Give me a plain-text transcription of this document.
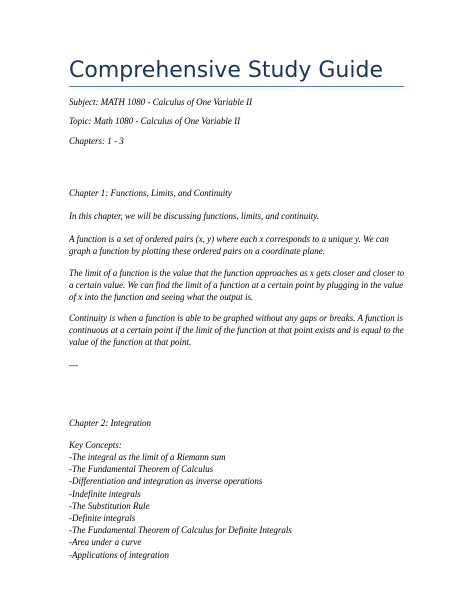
Comprehensive Study Guide

Subject: MATH 1080 - Calculus of One Variable II

Topic: Math 1080 - Calculus of One Variable II

Chapters: 1 - 3

Chapter 1: Functions, Limits, and Continuity

In this chapter, we will be discussing functions, limits, and continuity.

A function is a set of ordered pairs (x, y) where each x corresponds to a unique y. We can graph a function by plotting these ordered pairs on a coordinate plane.

The limit of a function is the value that the function approaches as x gets closer and closer to a certain value. We can find the limit of a function at a certain point by plugging in the value of x into the function and seeing what the output is.

Continuity is when a function is able to be graphed without any gaps or breaks. A function is continuous at a certain point if the limit of the function at that point exists and is equal to the value of the function at that point.

---

Chapter 2: Integration

Key Concepts:

-The integral as the limit of a Riemann sum
-The Fundamental Theorem of Calculus
-Differentiation and integration as inverse operations
-Indefinite integrals
-The Substitution Rule
-Definite integrals
-The Fundamental Theorem of Calculus for Definite Integrals
-Area under a curve
-Applications of integration
